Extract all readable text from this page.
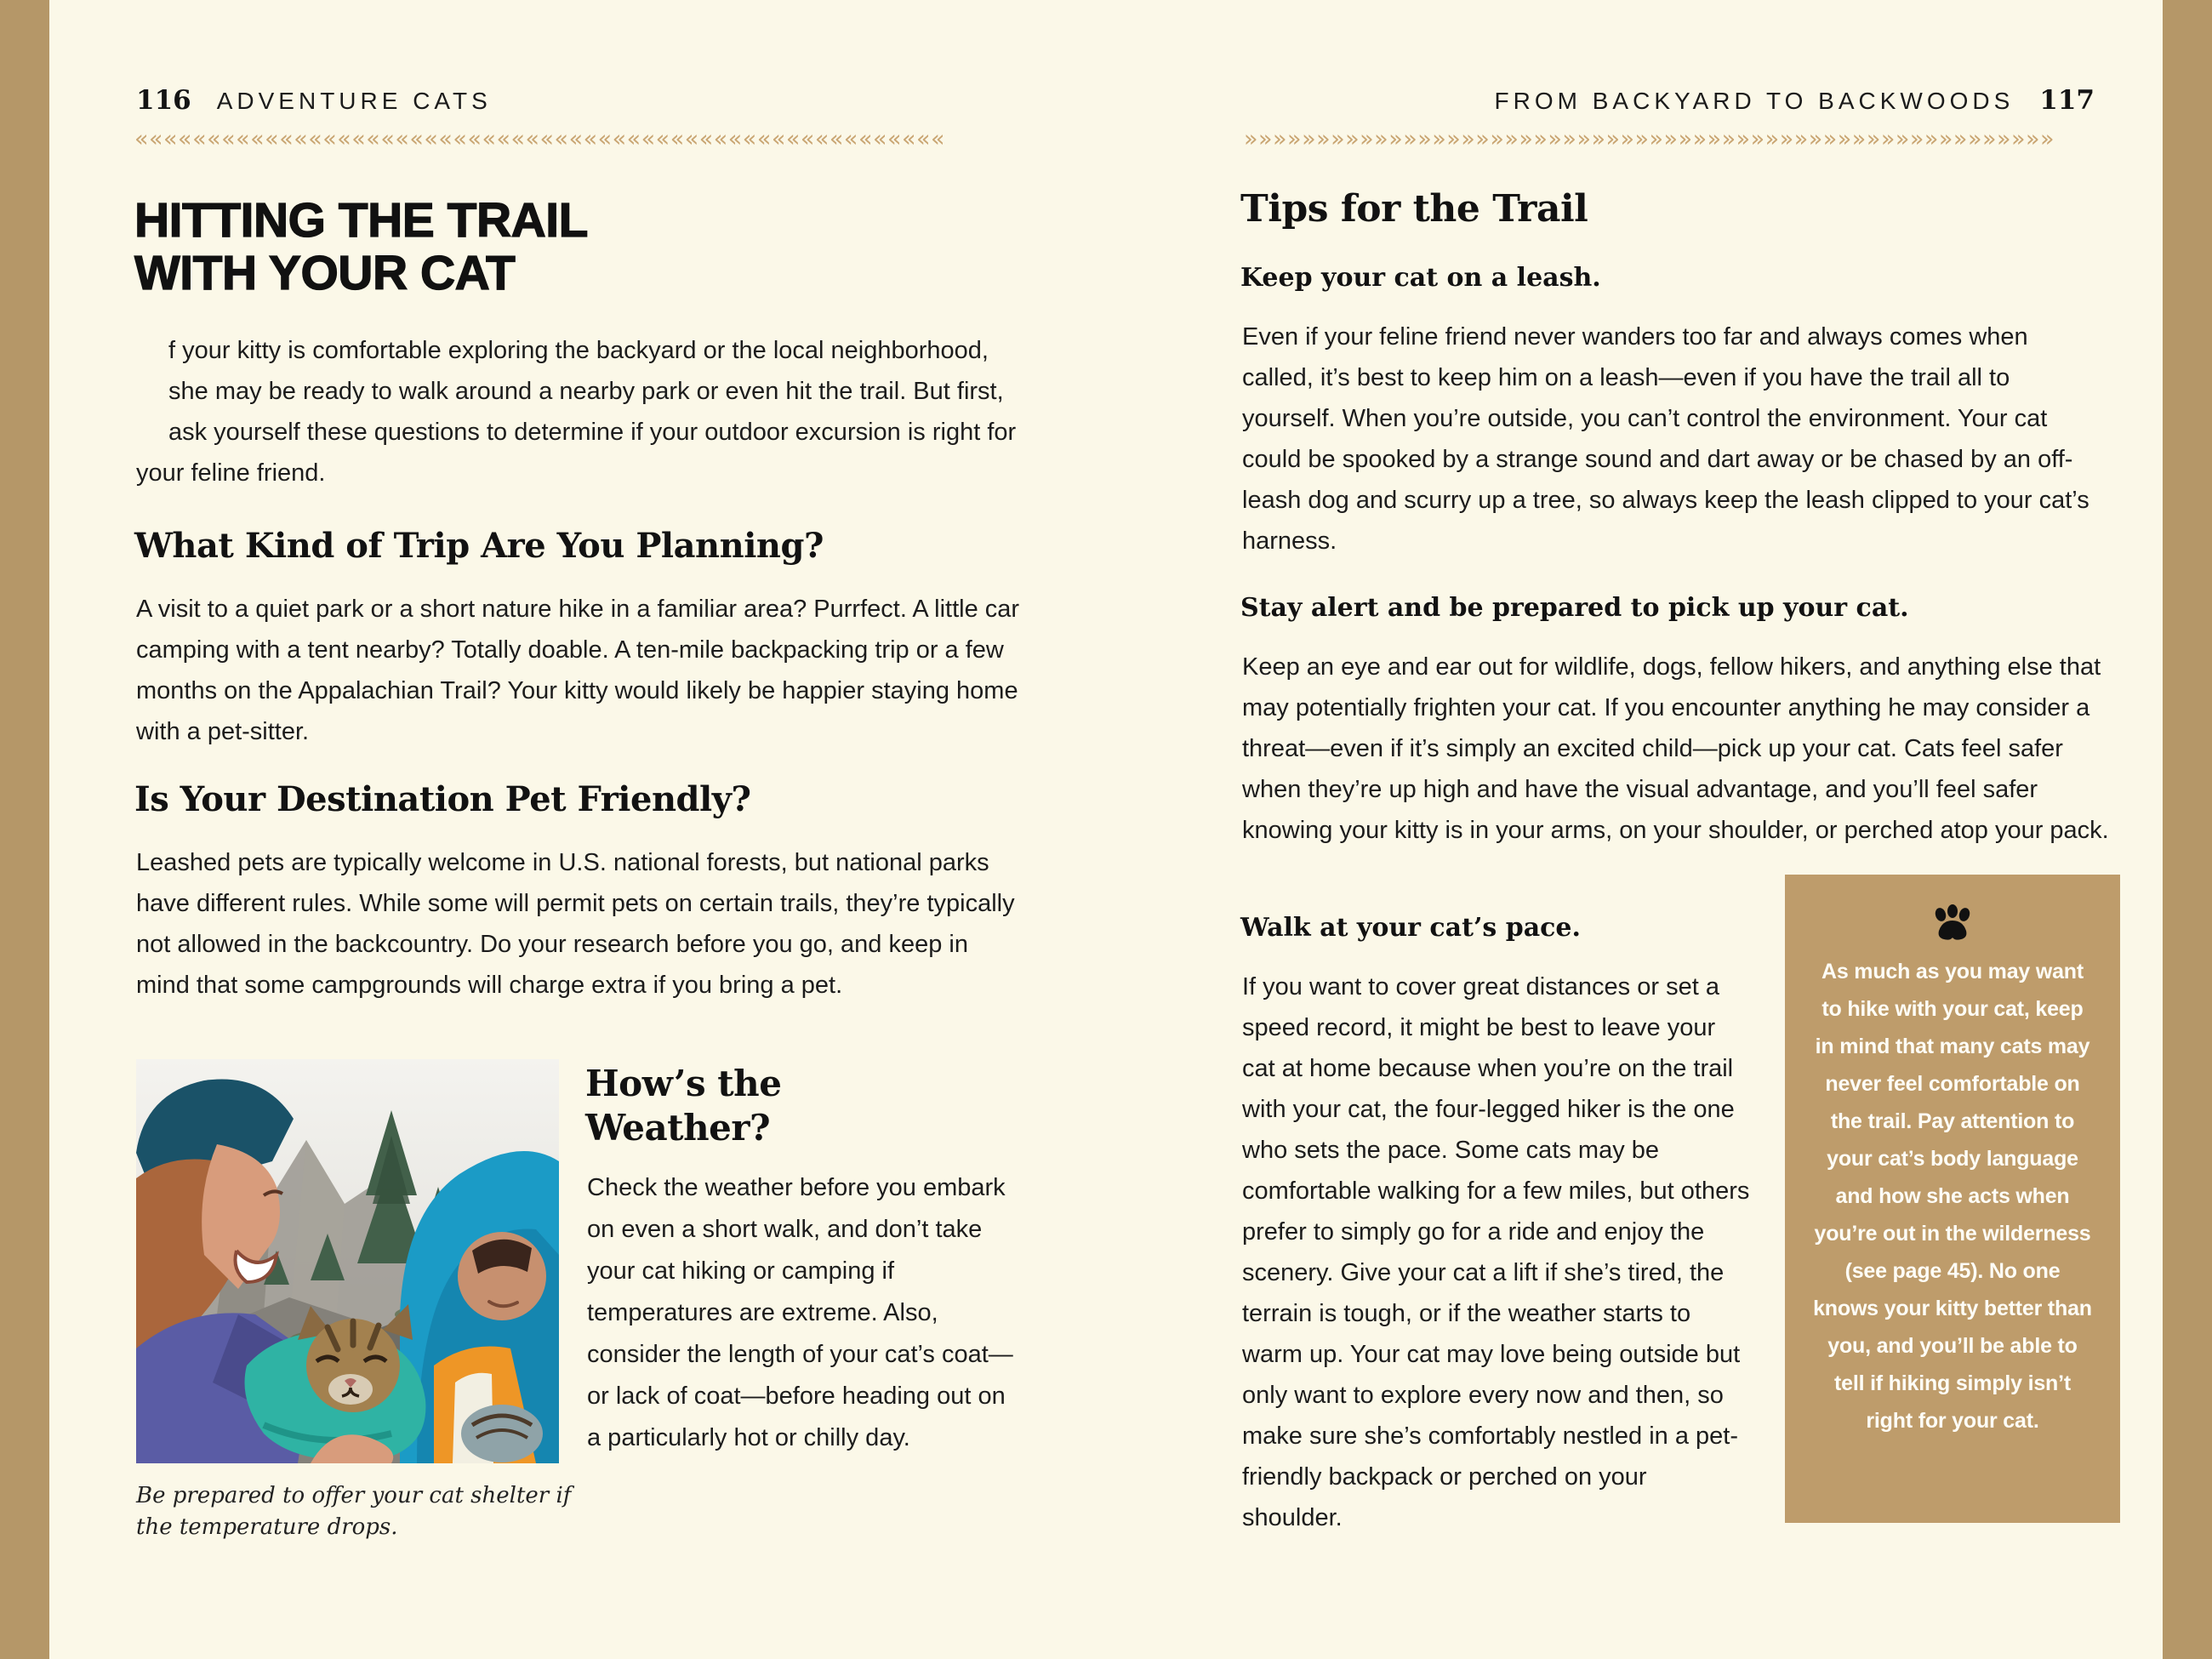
116 ADVENTURE CATS
««««««««««««««««««««««««««««««««««««««««««««««««««««««««
HITTING THE TRAIL
WITH YOUR CAT
f your kitty is comfortable exploring the backyard or the local neighborhood, she may be ready to walk around a nearby park or even hit the trail. But first, ask yourself these questions to determine if your outdoor excursion is right for your feline friend.
What Kind of Trip Are You Planning?
A visit to a quiet park or a short nature hike in a familiar area? Purrfect. A little car camping with a tent nearby? Totally doable. A ten-mile backpacking trip or a few months on the Appalachian Trail? Your kitty would likely be happier staying home with a pet-sitter.
Is Your Destination Pet Friendly?
Leashed pets are typically welcome in U.S. national forests, but national parks have different rules. While some will permit pets on certain trails, they’re typically not allowed in the backcountry. Do your research before you go, and keep in mind that some campgrounds will charge extra if you bring a pet.
Be prepared to offer your cat shelter if the temperature drops.
How’s the Weather?
Check the weather before you embark on even a short walk, and don’t take your cat hiking or camping if temperatures are extreme. Also, consider the length of your cat’s coat—or lack of coat—before heading out on a particularly hot or chilly day.
FROM BACKYARD TO BACKWOODS 117
»»»»»»»»»»»»»»»»»»»»»»»»»»»»»»»»»»»»»»»»»»»»»»»»»»»»»»»»
Tips for the Trail
Keep your cat on a leash.
Even if your feline friend never wanders too far and always comes when called, it’s best to keep him on a leash—even if you have the trail all to yourself. When you’re outside, you can’t control the environment. Your cat could be spooked by a strange sound and dart away or be chased by an off-leash dog and scurry up a tree, so always keep the leash clipped to your cat’s harness.
Stay alert and be prepared to pick up your cat.
Keep an eye and ear out for wildlife, dogs, fellow hikers, and anything else that may potentially frighten your cat. If you encounter anything he may consider a threat—even if it’s simply an excited child—pick up your cat. Cats feel safer when they’re up high and have the visual advantage, and you’ll feel safer knowing your kitty is in your arms, on your shoulder, or perched atop your pack.
Walk at your cat’s pace.
If you want to cover great distances or set a speed record, it might be best to leave your cat at home because when you’re on the trail with your cat, the four-legged hiker is the one who sets the pace. Some cats may be comfortable walking for a few miles, but others prefer to simply go for a ride and enjoy the scenery. Give your cat a lift if she’s tired, the terrain is tough, or if the weather starts to warm up. Your cat may love being outside but only want to explore every now and then, so make sure she’s comfortably nestled in a pet-friendly backpack or perched on your shoulder.
As much as you may want to hike with your cat, keep in mind that many cats may never feel comfortable on the trail. Pay attention to your cat’s body language and how she acts when you’re out in the wilderness (see page 45). No one knows your kitty better than you, and you’ll be able to tell if hiking simply isn’t right for your cat.
